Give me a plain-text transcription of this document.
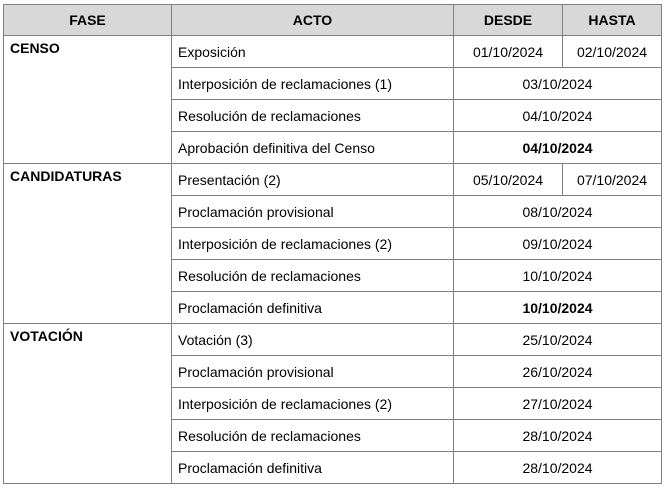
FASE	ACTO	DESDE	HASTA
CENSO	Exposición	01/10/2024	02/10/2024
	Interposición de reclamaciones (1)	03/10/2024	
	Resolución de reclamaciones	04/10/2024	
	Aprobación definitiva del Censo	04/10/2024	
CANDIDATURAS	Presentación (2)	05/10/2024	07/10/2024
	Proclamación provisional	08/10/2024	
	Interposición de reclamaciones (2)	09/10/2024	
	Resolución de reclamaciones	10/10/2024	
	Proclamación definitiva	10/10/2024	
VOTACIÓN	Votación (3)	25/10/2024	
	Proclamación provisional	26/10/2024	
	Interposición de reclamaciones (2)	27/10/2024	
	Resolución de reclamaciones	28/10/2024	
	Proclamación definitiva	28/10/2024	
